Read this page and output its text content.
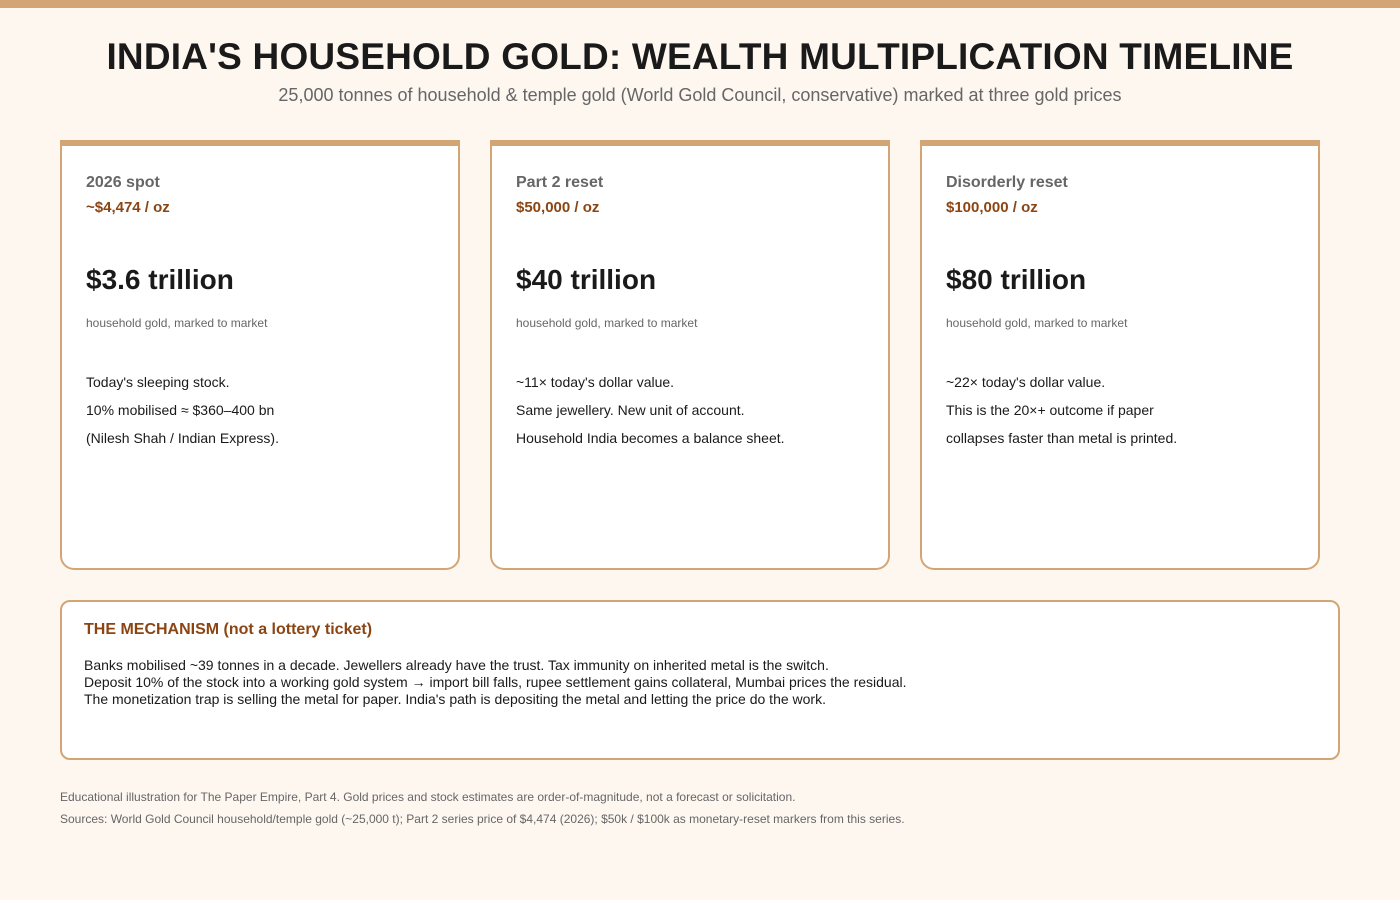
INDIA'S HOUSEHOLD GOLD: WEALTH MULTIPLICATION TIMELINE
25,000 tonnes of household & temple gold (World Gold Council, conservative) marked at three gold prices
2026 spot
~$4,474 / oz
$3.6 trillion
household gold, marked to market
Today's sleeping stock.
10% mobilised ≈ $360–400 bn
(Nilesh Shah / Indian Express).
Part 2 reset
$50,000 / oz
$40 trillion
household gold, marked to market
~11× today's dollar value.
Same jewellery. New unit of account.
Household India becomes a balance sheet.
Disorderly reset
$100,000 / oz
$80 trillion
household gold, marked to market
~22× today's dollar value.
This is the 20×+ outcome if paper
collapses faster than metal is printed.
THE MECHANISM (not a lottery ticket)
Banks mobilised ~39 tonnes in a decade. Jewellers already have the trust. Tax immunity on inherited metal is the switch.
Deposit 10% of the stock into a working gold system → import bill falls, rupee settlement gains collateral, Mumbai prices the residual.
The monetization trap is selling the metal for paper. India's path is depositing the metal and letting the price do the work.
Educational illustration for The Paper Empire, Part 4. Gold prices and stock estimates are order-of-magnitude, not a forecast or solicitation.
Sources: World Gold Council household/temple gold (~25,000 t); Part 2 series price of $4,474 (2026); $50k / $100k as monetary-reset markers from this series.
